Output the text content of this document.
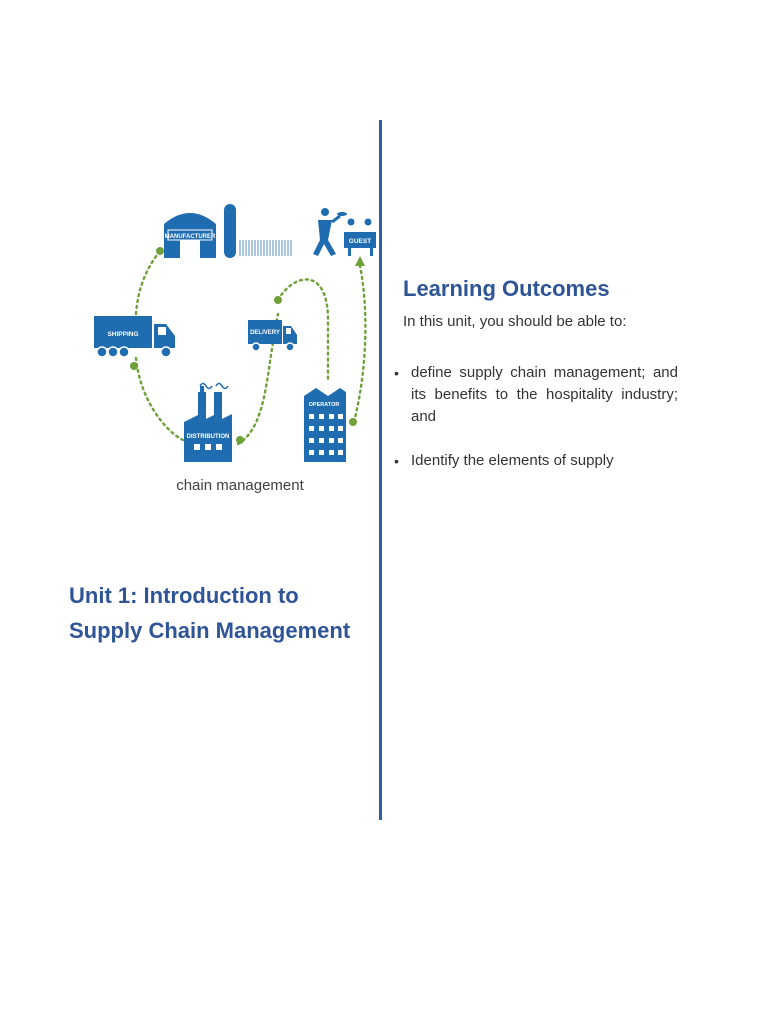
MANUFACTURER
GUEST
SHIPPING	DELIVERY
DISTRIBUTION
OPERATOR
chain management
Unit 1: Introduction to
Supply Chain Management
Learning Outcomes

In this unit, you should be able to:

• define supply chain management; and its benefits to the hospitality industry; and
• Identify the elements of supply
